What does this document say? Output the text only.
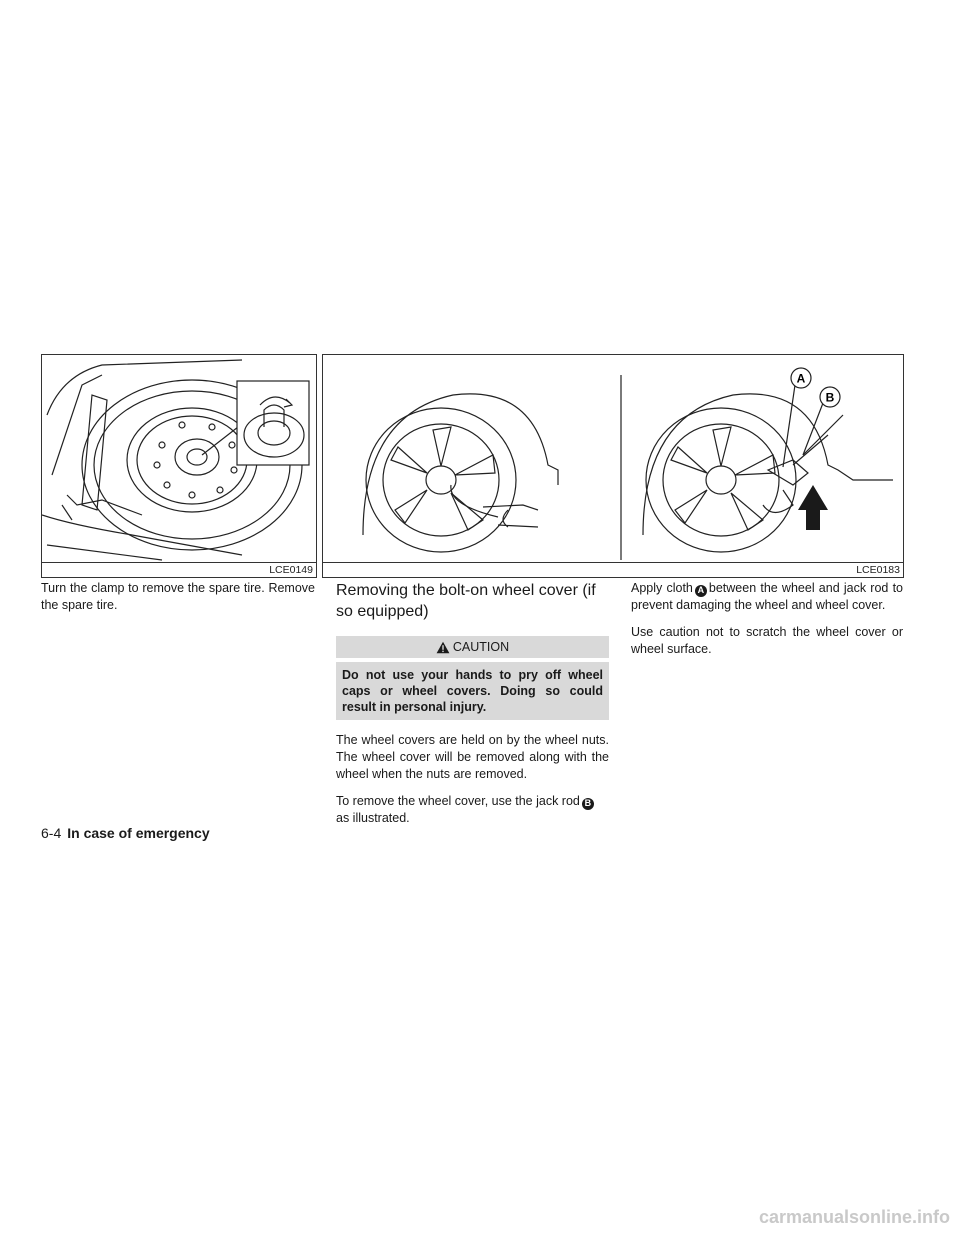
LCE0149
A
B
LCE0183

Turn the clamp to remove the spare tire. Remove the spare tire.

Removing the bolt-on wheel cover (if so equipped)
CAUTION
Do not use your hands to pry off wheel caps or wheel covers. Doing so could result in personal injury.

The wheel covers are held on by the wheel nuts. The wheel cover will be removed along with the wheel when the nuts are removed.

To remove the wheel cover, use the jack rod B
as illustrated.

Apply cloth A between the wheel and jack rod to prevent damaging the wheel and wheel cover.

Use caution not to scratch the wheel cover or wheel surface.

6-4 In case of emergency
carmanualsonline.info
